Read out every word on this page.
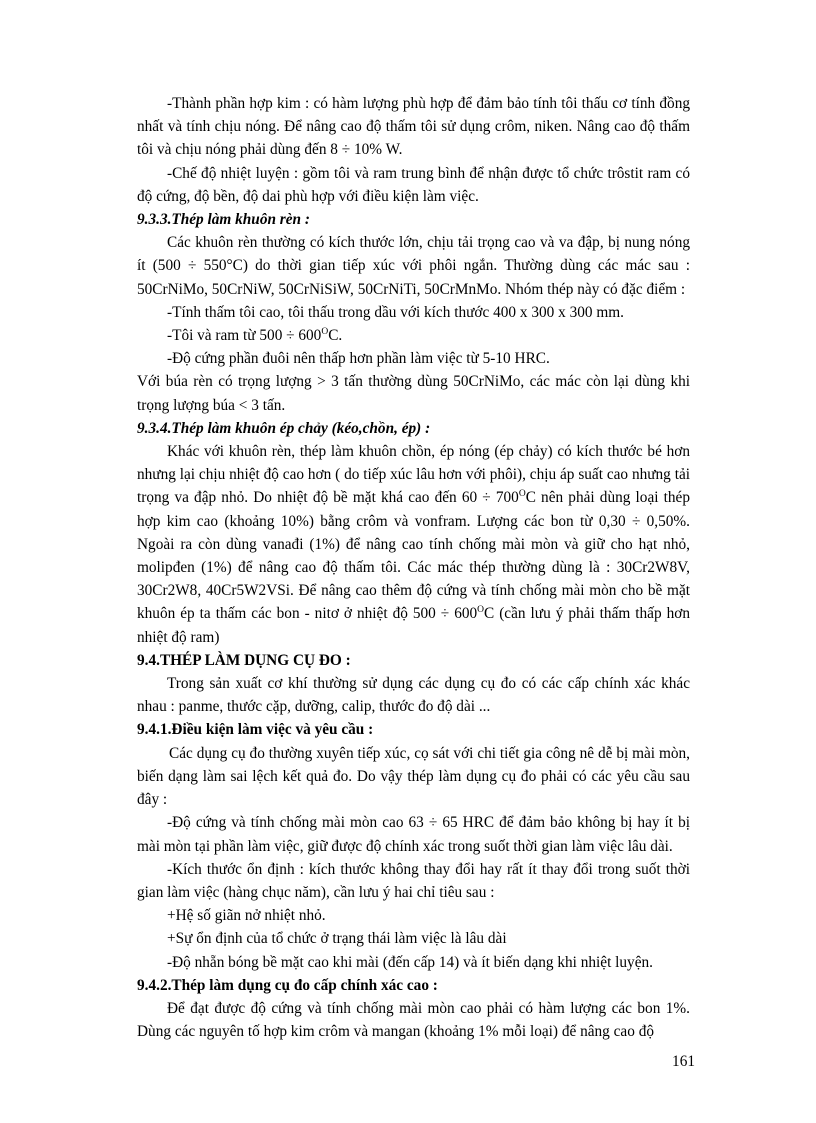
-Thành phần hợp kim : có hàm lượng phù hợp để đảm bảo tính tôi thấu cơ tính đồng nhất và tính chịu nóng. Để nâng cao độ thấm tôi sử dụng crôm, niken. Nâng cao độ thấm tôi và chịu nóng phải dùng đến 8 ÷ 10% W.

-Chế độ nhiệt luyện : gồm tôi và ram trung bình để nhận được tổ chức trôstit ram có độ cứng, độ bền, độ dai phù hợp với điều kiện làm việc.

9.3.3.Thép làm khuôn rèn :

Các khuôn rèn thường có kích thước lớn, chịu tải trọng cao và va đập, bị nung nóng ít (500 ÷ 550°C) do thời gian tiếp xúc với phôi ngắn. Thường dùng các mác sau : 50CrNiMo, 50CrNiW, 50CrNiSiW, 50CrNiTi, 50CrMnMo. Nhóm thép này có đặc điểm :

-Tính thấm tôi cao, tôi thấu trong dầu với kích thước 400 x 300 x 300 mm.

-Tôi và ram từ $500 \div 600^OC$.

-Độ cứng phần đuôi nên thấp hơn phần làm việc từ 5-10 HRC.

Với búa rèn có trọng lượng > 3 tấn thường dùng 50CrNiMo, các mác còn lại dùng khi trọng lượng búa < 3 tấn.

9.3.4.Thép làm khuôn ép chảy (kéo,chồn, ép) :

Khác với khuôn rèn, thép làm khuôn chồn, ép nóng (ép chảy) có kích thước bé hơn nhưng lại chịu nhiệt độ cao hơn ( do tiếp xúc lâu hơn với phôi), chịu áp suất cao nhưng tải trọng va đập nhỏ. Do nhiệt độ bề mặt khá cao đến $60 \div 700^OC$ nên phải dùng loại thép hợp kim cao (khoảng 10%) bằng crôm và vonfram. Lượng các bon từ 0,30 ÷ 0,50%. Ngoài ra còn dùng vanađi (1%) để nâng cao tính chống mài mòn và giữ cho hạt nhỏ, molipđen (1%) để nâng cao độ thấm tôi. Các mác thép thường dùng là : 30Cr2W8V, 30Cr2W8, 40Cr5W2VSi. Để nâng cao thêm độ cứng và tính chống mài mòn cho bề mặt khuôn ép ta thấm các bon - nitơ ở nhiệt độ $500 \div 600^OC$ (cần lưu ý phải thấm thấp hơn nhiệt độ ram)

9.4.THÉP LÀM DỤNG CỤ ĐO :

Trong sản xuất cơ khí thường sử dụng các dụng cụ đo có các cấp chính xác khác nhau : panme, thước cặp, dưỡng, calip, thước đo độ dài ...

9.4.1.Điều kiện làm việc và yêu cầu :

Các dụng cụ đo thường xuyên tiếp xúc, cọ sát với chi tiết gia công nê dễ bị mài mòn, biến dạng làm sai lệch kết quả đo. Do vậy thép làm dụng cụ đo phải có các yêu cầu sau đây :

-Độ cứng và tính chống mài mòn cao 63 ÷ 65 HRC để đảm bảo không bị hay ít bị mài mòn tại phần làm việc, giữ được độ chính xác trong suốt thời gian làm việc lâu dài.

-Kích thước ổn định : kích thước không thay đổi hay rất ít thay đổi trong suốt thời gian làm việc (hàng chục năm), cần lưu ý hai chỉ tiêu sau :

+Hệ số giãn nở nhiệt nhỏ.

+Sự ổn định của tổ chức ở trạng thái làm việc là lâu dài

-Độ nhẵn bóng bề mặt cao khi mài (đến cấp 14) và ít biến dạng khi nhiệt luyện.

9.4.2.Thép làm dụng cụ đo cấp chính xác cao :

Để đạt được độ cứng và tính chống mài mòn cao phải có hàm lượng các bon 1%. Dùng các nguyên tố hợp kim crôm và mangan (khoảng 1% mỗi loại) để nâng cao độ

161
